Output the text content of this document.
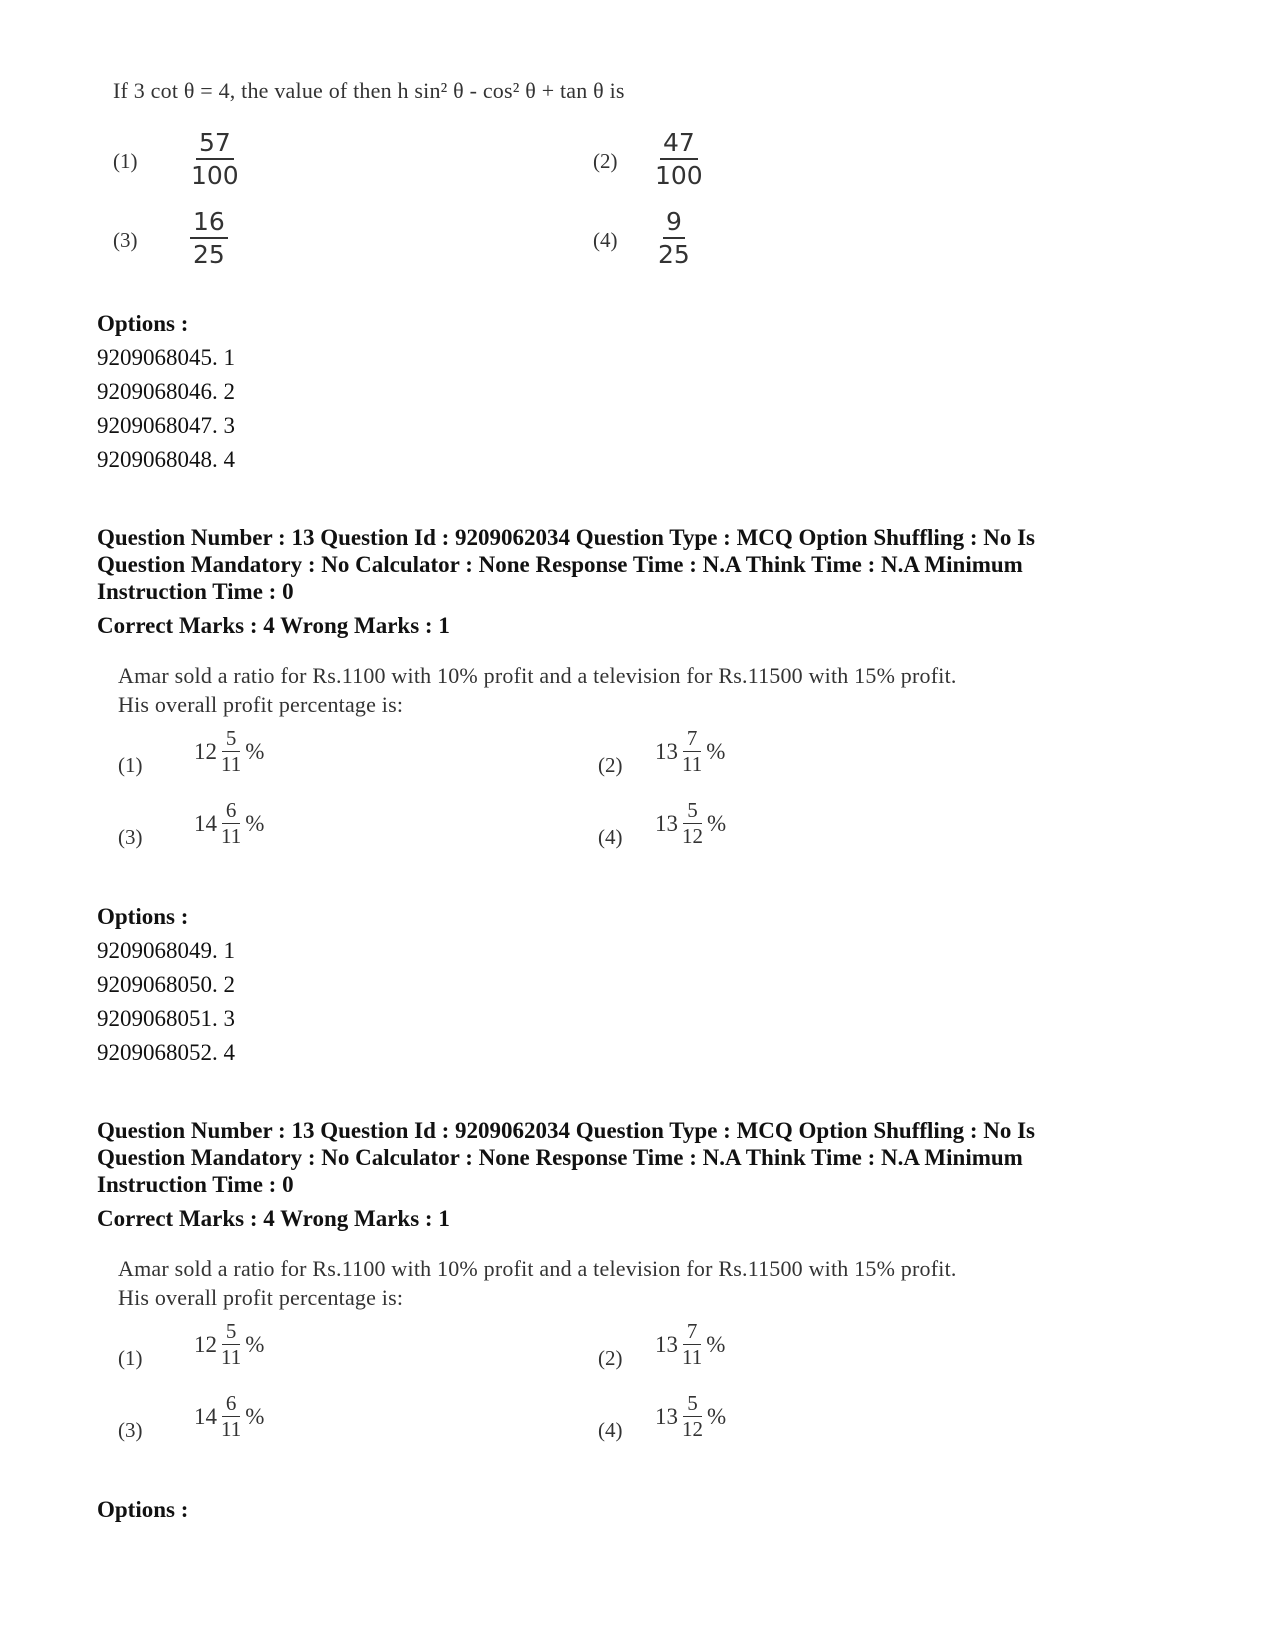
If 3 cot θ = 4, the value of then h sin² θ - cos² θ + tan θ is
$(1) \frac{57}{100}$	$(2) \frac{47}{100}$
$(3) \frac{16}{25}$	$(4) \frac{9}{25}$
Options :
9209068045. 1
9209068046. 2
9209068047. 3
9209068048. 4
Question Number : 13 Question Id : 9209062034 Question Type : MCQ Option Shuffling : No Is Question Mandatory : No Calculator : None Response Time : N.A Think Time : N.A Minimum Instruction Time : 0
Correct Marks : 4 Wrong Marks : 1
Amar sold a ratio for Rs.1100 with 10% profit and a television for Rs.11500 with 15% profit.
His overall profit percentage is:
(1)
$12 \frac{5}{11}$ %
(2)
$13 \frac{7}{11}$ %
(3)
$14 \frac{6}{11}$ %
(4)
$13 \frac{5}{12}$ %
Options :
9209068049. 1
9209068050. 2
9209068051. 3
9209068052. 4
Question Number : 13 Question Id : 9209062034 Question Type : MCQ Option Shuffling : No Is Question Mandatory : No Calculator : None Response Time : N.A Think Time : N.A Minimum Instruction Time : 0
Correct Marks : 4 Wrong Marks : 1
Amar sold a ratio for Rs.1100 with 10% profit and a television for Rs.11500 with 15% profit.
His overall profit percentage is:
(1)
$12 \frac{5}{11}$ %
(2)
$13 \frac{7}{11}$ %
(3)
$14 \frac{6}{11}$ %
(4)
$13 \frac{5}{12}$ %
Options :
